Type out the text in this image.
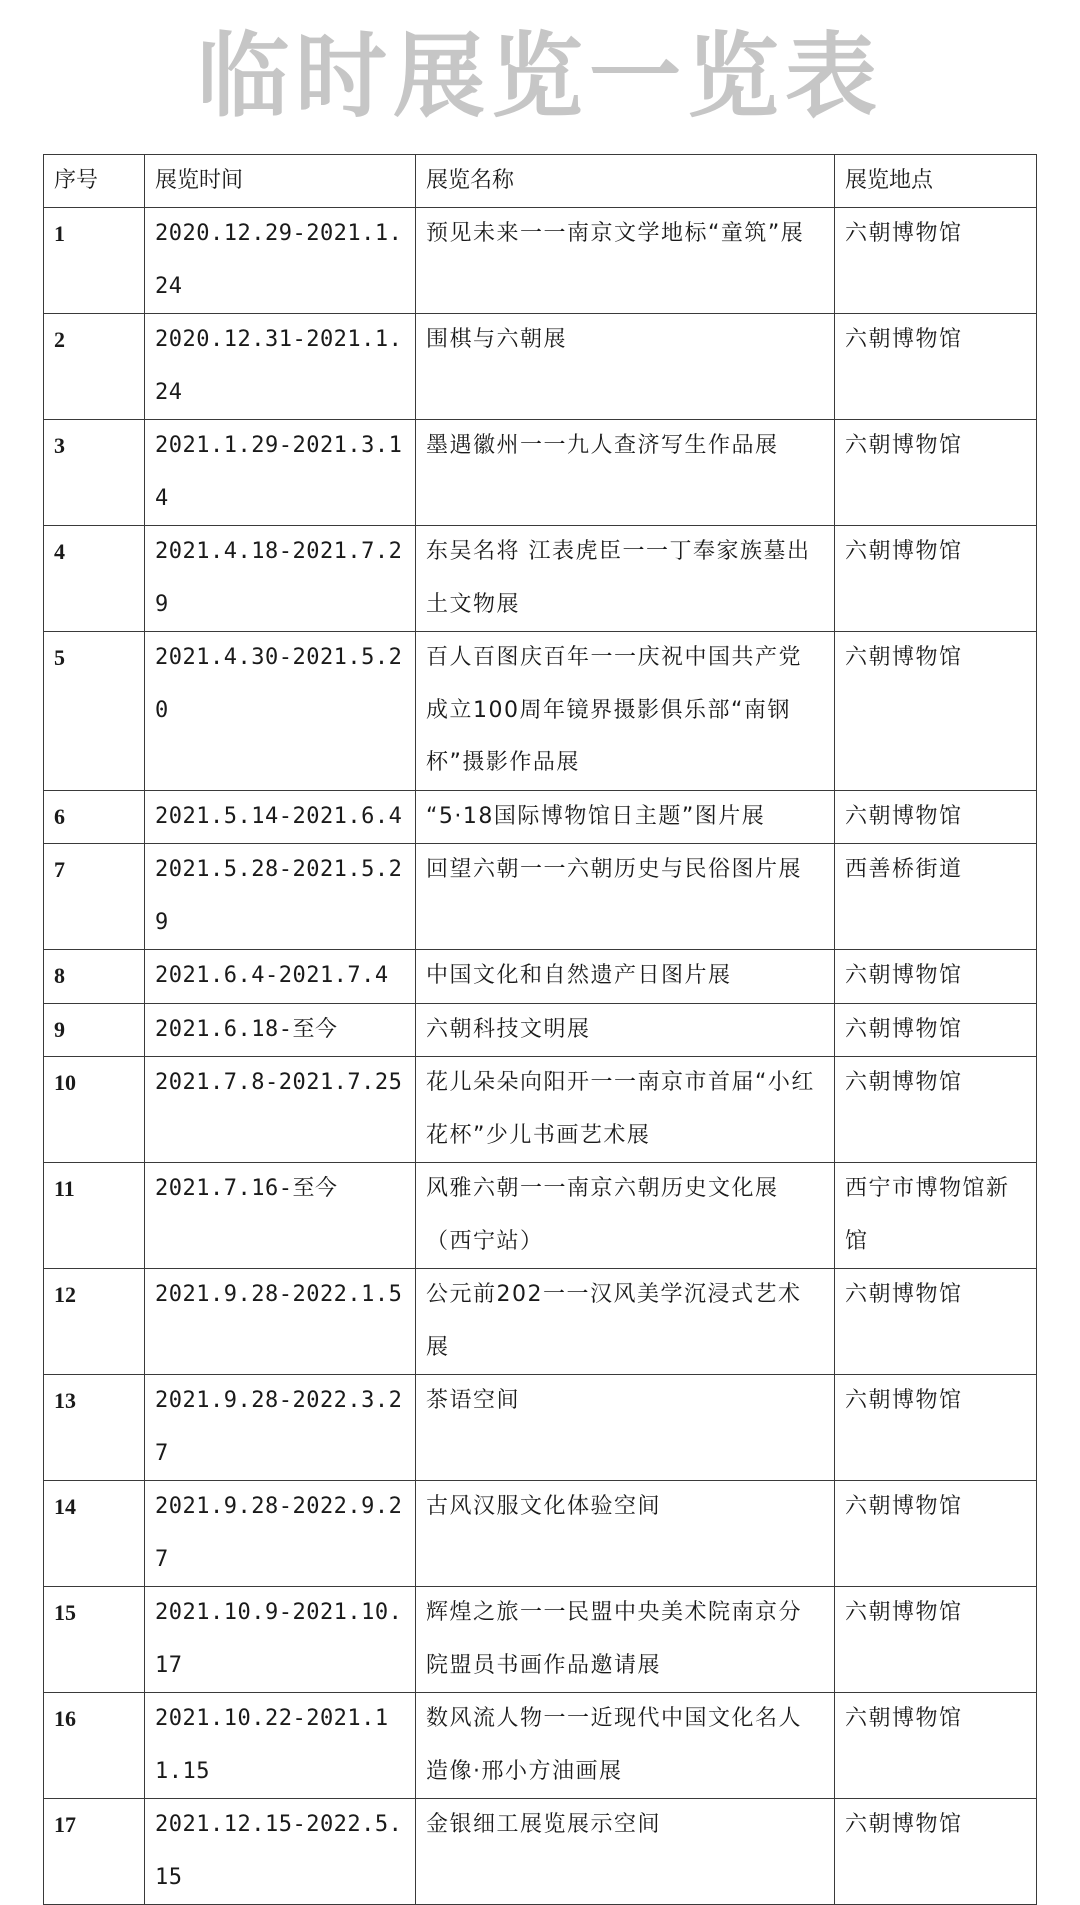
临时展览一览表
序号	展览时间	展览名称	展览地点
1	2020.12.29-2021.1.24	预见未来一一南京文学地标“童筑”展	六朝博物馆
2	2020.12.31-2021.1.24	围棋与六朝展	六朝博物馆
3	2021.1.29-2021.3.14	墨遇徽州一一九人查济写生作品展	六朝博物馆
4	2021.4.18-2021.7.29	东吴名将 江表虎臣一一丁奉家族墓出土文物展	六朝博物馆
5	2021.4.30-2021.5.20	百人百图庆百年一一庆祝中国共产党成立100周年镜界摄影俱乐部“南钢杯”摄影作品展	六朝博物馆
6	2021.5.14-2021.6.4	“5·18国际博物馆日主题”图片展	六朝博物馆
7	2021.5.28-2021.5.29	回望六朝一一六朝历史与民俗图片展	西善桥街道
8	2021.6.4-2021.7.4	中国文化和自然遗产日图片展	六朝博物馆
9	2021.6.18-至今	六朝科技文明展	六朝博物馆
10	2021.7.8-2021.7.25	花儿朵朵向阳开一一南京市首届“小红花杯”少儿书画艺术展	六朝博物馆
11	2021.7.16-至今	风雅六朝一一南京六朝历史文化展（西宁站）	西宁市博物馆新馆
12	2021.9.28-2022.1.5	公元前202一一汉风美学沉浸式艺术展	六朝博物馆
13	2021.9.28-2022.3.27	茶语空间	六朝博物馆
14	2021.9.28-2022.9.27	古风汉服文化体验空间	六朝博物馆
15	2021.10.9-2021.10.17	辉煌之旅一一民盟中央美术院南京分院盟员书画作品邀请展	六朝博物馆
16	2021.10.22-2021.11.15	数风流人物一一近现代中国文化名人造像·邢小方油画展	六朝博物馆
17	2021.12.15-2022.5.15	金银细工展览展示空间	六朝博物馆
